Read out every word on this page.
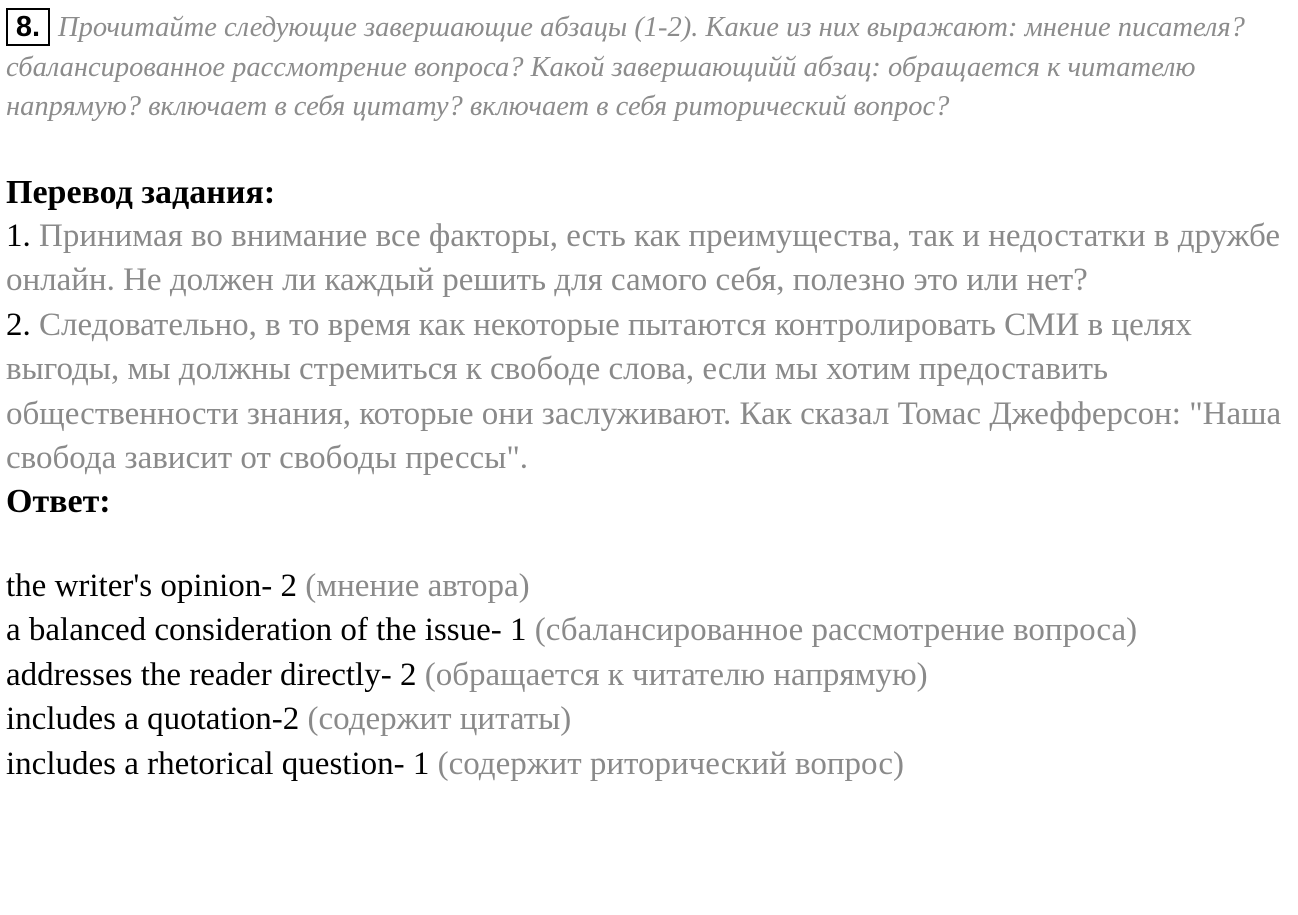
8. Прочитайте следующие завершающие абзацы (1-2). Какие из них выражают: мнение писателя? сбалансированное рассмотрение вопроса? Какой завершающийй абзац: обращается к читателю напрямую? включает в себя цитату? включает в себя риторический вопрос?

Перевод задания:

1. Принимая во внимание все факторы, есть как преимущества, так и недостатки в дружбе онлайн. Не должен ли каждый решить для самого себя, полезно это или нет?

2. Следовательно, в то время как некоторые пытаются контролировать СМИ в целях выгоды, мы должны стремиться к свободе слова, если мы хотим предоставить общественности знания, которые они заслуживают. Как сказал Томас Джефферсон: "Наша свобода зависит от свободы прессы".

Ответ:

the writer's opinion- 2 (мнение автора)

a balanced consideration of the issue- 1 (сбалансированное рассмотрение вопроса)

addresses the reader directly- 2 (обращается к читателю напрямую)

includes a quotation-2 (содержит цитаты)

includes a rhetorical question- 1 (содержит риторический вопрос)
